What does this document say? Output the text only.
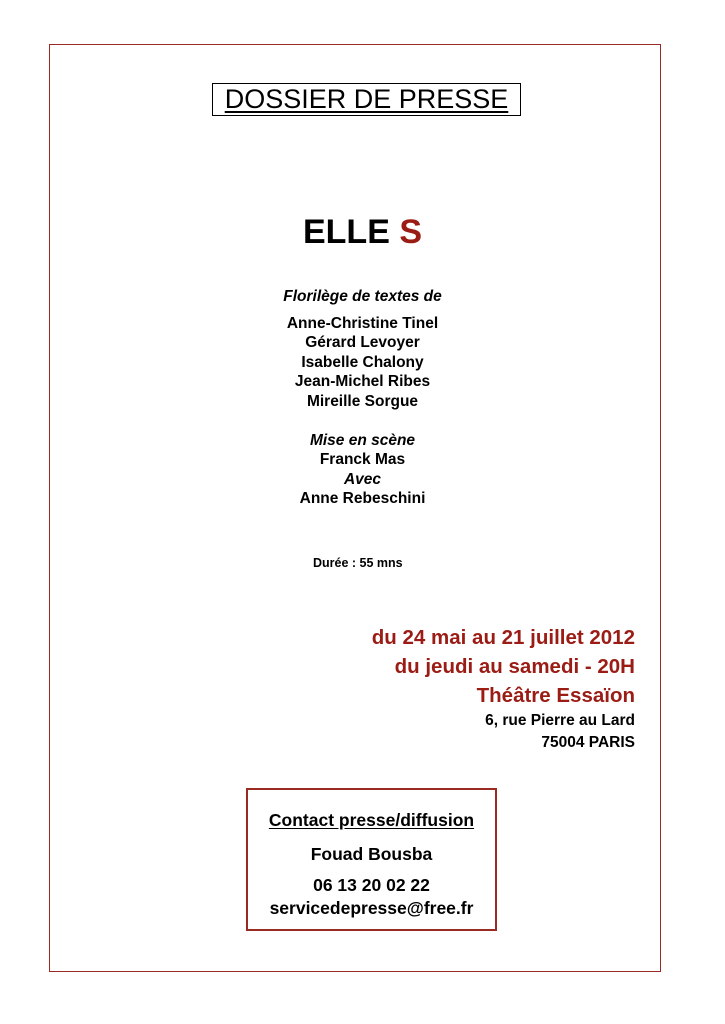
DOSSIER DE PRESSE
ELLE S
Florilège de textes de
Anne-Christine Tinel
Gérard Levoyer
Isabelle Chalony
Jean-Michel Ribes
Mireille Sorgue
Mise en scène
Franck Mas
Avec
Anne Rebeschini
Durée : 55 mns
du 24 mai au 21 juillet 2012
du jeudi au samedi - 20H
Théâtre Essaïon
6, rue Pierre au Lard
75004 PARIS
Contact presse/diffusion
Fouad Bousba
06 13 20 02 22
servicedepresse@free.fr
